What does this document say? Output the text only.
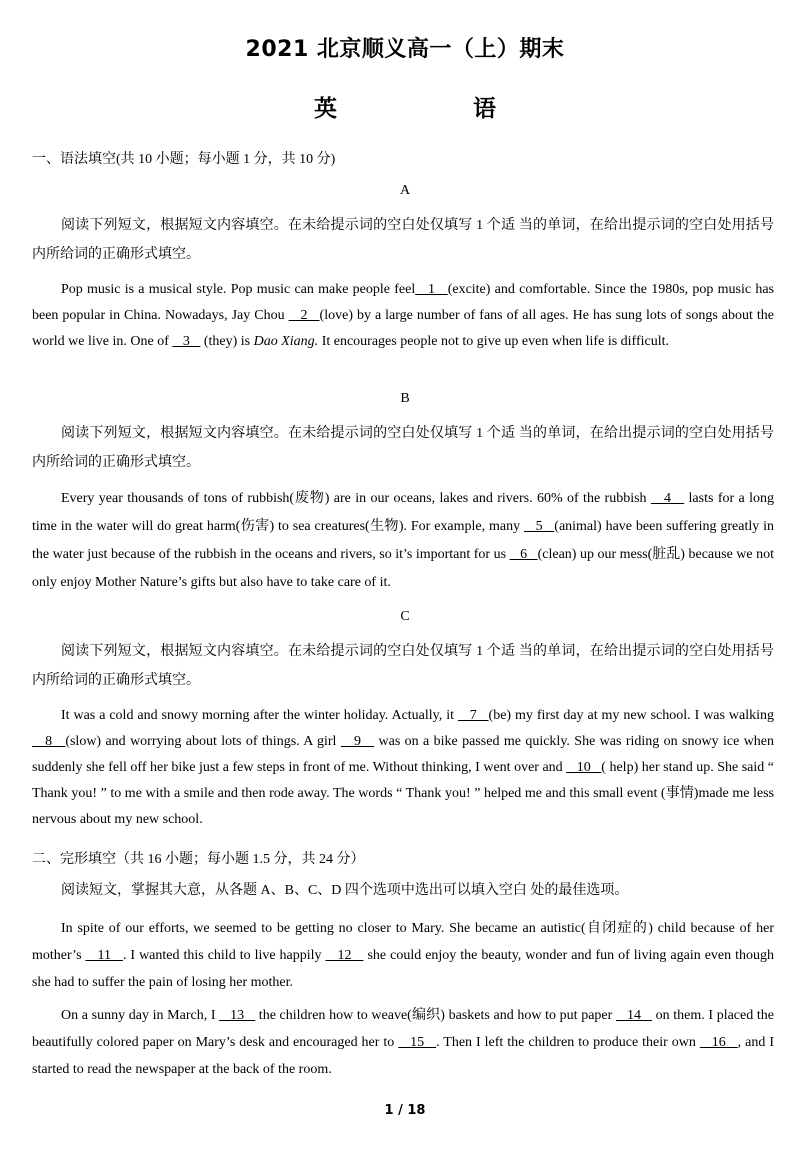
2021 北京顺义高一（上）期末
英　　语
一、语法填空(共 10 小题；每小题 1 分，共 10 分)
A
阅读下列短文，根据短文内容填空。在未给提示词的空白处仅填写 1 个适 当的单词，在给出提示词的空白处用括号内所给词的正确形式填空。
Pop music is a musical style. Pop music can make people feel   1   (excite) and comfortable. Since the 1980s, pop music has been popular in China. Nowadays, Jay Chou    2   (love) by a large number of fans of all ages. He has sung lots of songs about the world we live in. One of    3    (they) is Dao Xiang. It encourages people not to give up even when life is difficult.
B
阅读下列短文，根据短文内容填空。在未给提示词的空白处仅填写 1 个适 当的单词，在给出提示词的空白处用括号内所给词的正确形式填空。
Every year thousands of tons of rubbish(废物) are in our oceans, lakes and rivers. 60% of the rubbish    4    lasts for a long time in the water will do great harm(伤害) to sea creatures(生物). For example, many    5   (animal) have been suffering greatly in the water just because of the rubbish in the oceans and rivers, so it’s important for us    6   (clean) up our mess(脏乱) because we not only enjoy Mother Nature’s gifts but also have to take care of it.
C
阅读下列短文，根据短文内容填空。在未给提示词的空白处仅填写 1 个适 当的单词，在给出提示词的空白处用括号内所给词的正确形式填空。
It was a cold and snowy morning after the winter holiday. Actually, it    7   (be) my first day at my new school. I was walking    8   (slow) and worrying about lots of things. A girl    9    was on a bike passed me quickly. She was riding on snowy ice when suddenly she fell off her bike just a few steps in front of me. Without thinking, I went over and    10   ( help) her stand up. She said “ Thank you! ” to me with a smile and then rode away. The words “ Thank you! ” helped me and this small event (事情)made me less nervous about my new school.
二、完形填空（共 16 小题；每小题 1.5 分，共 24 分）
阅读短文，掌握其大意，从各题 A、B、C、D 四个选项中选出可以填入空白 处的最佳选项。
In spite of our efforts, we seemed to be getting no closer to Mary. She became an autistic(自闭症的) child because of her mother’s    11   . I wanted this child to live happily    12    she could enjoy the beauty, wonder and fun of living again even though she had to suffer the pain of losing her mother.
On a sunny day in March, I    13    the children how to weave(编织) baskets and how to put paper    14    on them. I placed the beautifully colored paper on Mary’s desk and encouraged her to    15   . Then I left the children to produce their own    16   , and I started to read the newspaper at the back of the room.
1 / 18
